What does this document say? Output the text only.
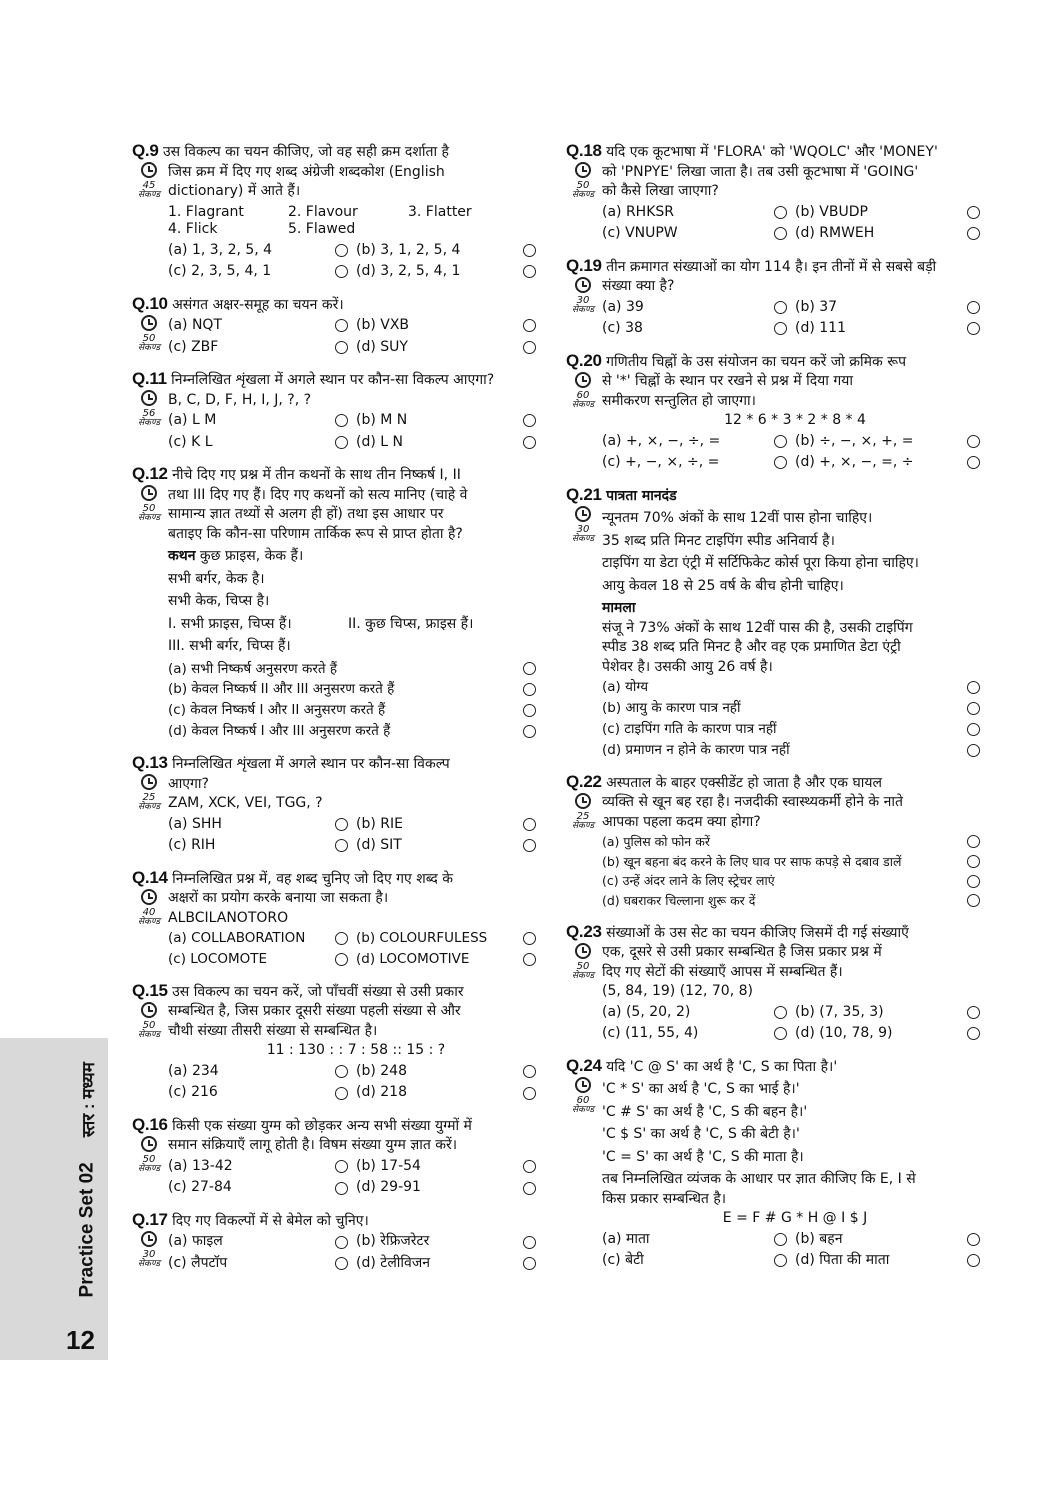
Q.9 उस विकल्प का चयन कीजिए, जो वह सही क्रम दर्शाता है
45
सेकण्ड
जिस क्रम में दिए गए शब्द अंग्रेजी शब्दकोश (English
dictionary) में आते हैं।
1. Flagrant	2. Flavour	3. Flatter
4. Flick	5. Flawed
(a) 1, 3, 2, 5, 4	(b) 3, 1, 2, 5, 4
(c) 2, 3, 5, 4, 1	(d) 3, 2, 5, 4, 1
Q.10 असंगत अक्षर-समूह का चयन करें।
50
सेकण्ड
(a) NQT	(b) VXB
(c) ZBF	(d) SUY
Q.11 निम्नलिखित शृंखला में अगले स्थान पर कौन-सा विकल्प आएगा?
56
सेकण्ड
B, C, D, F, H, I, J, ?, ?
(a) L M	(b) M N
(c) K L	(d) L N
Q.12 नीचे दिए गए प्रश्न में तीन कथनों के साथ तीन निष्कर्ष I, II
50
सेकण्ड
तथा III दिए गए हैं। दिए गए कथनों को सत्य मानिए (चाहे वे
सामान्य ज्ञात तथ्यों से अलग ही हों) तथा इस आधार पर
बताइए कि कौन-सा परिणाम तार्किक रूप से प्राप्त होता है?
कथन कुछ फ्राइस, केक हैं।
सभी बर्गर, केक है।
सभी केक, चिप्स है।
I. सभी फ्राइस, चिप्स हैं।	II. कुछ चिप्स, फ्राइस हैं।
III. सभी बर्गर, चिप्स हैं।
(a) सभी निष्कर्ष अनुसरण करते हैं
(b) केवल निष्कर्ष II और III अनुसरण करते हैं
(c) केवल निष्कर्ष I और II अनुसरण करते हैं
(d) केवल निष्कर्ष I और III अनुसरण करते हैं
Q.13 निम्नलिखित शृंखला में अगले स्थान पर कौन-सा विकल्प
25
सेकण्ड
आएगा?
ZAM, XCK, VEI, TGG, ?
(a) SHH	(b) RIE
(c) RIH	(d) SIT
Q.14 निम्नलिखित प्रश्न में, वह शब्द चुनिए जो दिए गए शब्द के
40
सेकण्ड
अक्षरों का प्रयोग करके बनाया जा सकता है।
ALBCILANOTORO
(a) COLLABORATION	(b) COLOURFULESS
(c) LOCOMOTE	(d) LOCOMOTIVE
Q.15 उस विकल्प का चयन करें, जो पाँचवीं संख्या से उसी प्रकार
50
सेकण्ड
सम्बन्धित है, जिस प्रकार दूसरी संख्या पहली संख्या से और
चौथी संख्या तीसरी संख्या से सम्बन्धित है।
11 : 130 : : 7 : 58 :: 15 : ?
(a) 234	(b) 248
(c) 216	(d) 218
Q.16 किसी एक संख्या युग्म को छोड़कर अन्य सभी संख्या युग्मों में
50
सेकण्ड
समान संक्रियाएँ लागू होती है। विषम संख्या युग्म ज्ञात करें।
(a) 13-42	(b) 17-54
(c) 27-84	(d) 29-91
Q.17 दिए गए विकल्पों में से बेमेल को चुनिए।
30
सेकण्ड
(a) फाइल	(b) रेफ्रिजरेटर
(c) लैपटॉप	(d) टेलीविजन
Q.18 यदि एक कूटभाषा में 'FLORA' को 'WQOLC' और 'MONEY'
50
सेकण्ड
को 'PNPYE' लिखा जाता है। तब उसी कूटभाषा में 'GOING'
को कैसे लिखा जाएगा?
(a) RHKSR	(b) VBUDP
(c) VNUPW	(d) RMWEH
Q.19 तीन क्रमागत संख्याओं का योग 114 है। इन तीनों में से सबसे बड़ी
30
सेकण्ड
संख्या क्या है?
(a) 39	(b) 37
(c) 38	(d) 111
Q.20 गणितीय चिह्नों के उस संयोजन का चयन करें जो क्रमिक रूप
60
सेकण्ड
से '*' चिह्नों के स्थान पर रखने से प्रश्न में दिया गया
समीकरण सन्तुलित हो जाएगा।
12 * 6 * 3 * 2 * 8 * 4
(a) +, ×, −, ÷, =	(b) ÷, −, ×, +, =
(c) +, −, ×, ÷, =	(d) +, ×, −, =, ÷
Q.21 पात्रता मानदंड
30
सेकण्ड
न्यूनतम 70% अंकों के साथ 12वीं पास होना चाहिए।
35 शब्द प्रति मिनट टाइपिंग स्पीड अनिवार्य है।
टाइपिंग या डेटा एंट्री में सर्टिफिकेट कोर्स पूरा किया होना चाहिए।
आयु केवल 18 से 25 वर्ष के बीच होनी चाहिए।
मामला
संजू ने 73% अंकों के साथ 12वीं पास की है, उसकी टाइपिंग
स्पीड 38 शब्द प्रति मिनट है और वह एक प्रमाणित डेटा एंट्री
पेशेवर है। उसकी आयु 26 वर्ष है।
(a) योग्य
(b) आयु के कारण पात्र नहीं
(c) टाइपिंग गति के कारण पात्र नहीं
(d) प्रमाणन न होने के कारण पात्र नहीं
Q.22 अस्पताल के बाहर एक्सीडेंट हो जाता है और एक घायल
25
सेकण्ड
व्यक्ति से खून बह रहा है। नजदीकी स्वास्थ्यकर्मी होने के नाते
आपका पहला कदम क्या होगा?
(a) पुलिस को फोन करें
(b) खून बहना बंद करने के लिए घाव पर साफ कपड़े से दबाव डालें
(c) उन्हें अंदर लाने के लिए स्ट्रेचर लाएं
(d) घबराकर चिल्लाना शुरू कर दें
Q.23 संख्याओं के उस सेट का चयन कीजिए जिसमें दी गई संख्याएँ
50
सेकण्ड
एक, दूसरे से उसी प्रकार सम्बन्धित है जिस प्रकार प्रश्न में
दिए गए सेटों की संख्याएँ आपस में सम्बन्धित हैं।
(5, 84, 19) (12, 70, 8)
(a) (5, 20, 2)	(b) (7, 35, 3)
(c) (11, 55, 4)	(d) (10, 78, 9)
Q.24 यदि 'C @ S' का अर्थ है 'C, S का पिता है।'
60
सेकण्ड
'C * S' का अर्थ है 'C, S का भाई है।'
'C # S' का अर्थ है 'C, S की बहन है।'
'C $ S' का अर्थ है 'C, S की बेटी है।'
'C = S' का अर्थ है 'C, S की माता है।
तब निम्नलिखित व्यंजक के आधार पर ज्ञात कीजिए कि E, I से
किस प्रकार सम्बन्धित है।
E = F # G * H @ I $ J
(a) माता	(b) बहन
(c) बेटी	(d) पिता की माता
स्तर : मध्यम
Practice Set 02
12
